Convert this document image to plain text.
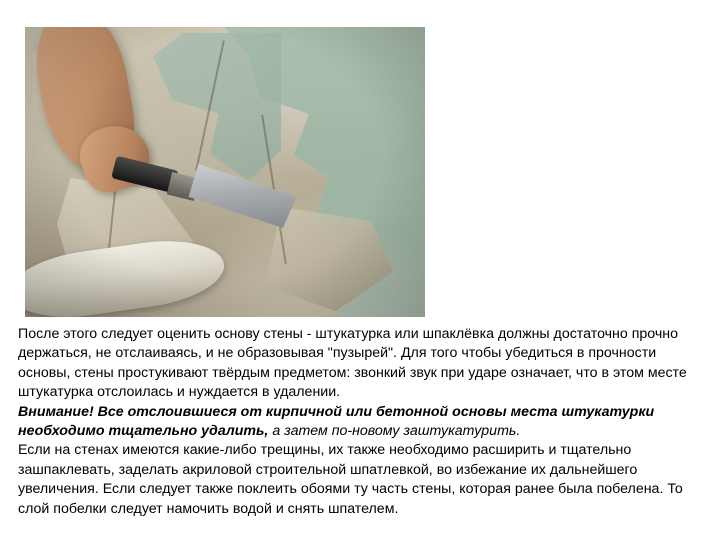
После этого следует оценить основу стены - штукатурка или шпаклёвка должны достаточно прочно держаться, не отслаиваясь, и не образовывая "пузырей". Для того чтобы убедиться в прочности основы, стены простукивают твёрдым предметом: звонкий звук при ударе означает, что в этом месте штукатурка отслоилась и нуждается в удалении.

Внимание! Все отслоившиеся от кирпичной или бетонной основы места штукатурки необходимо тщательно удалить, а затем по-новому заштукатурить.

Если на стенах имеются какие-либо трещины, их также необходимо расширить и тщательно зашпаклевать, заделать акриловой строительной шпатлевкой, во избежание их дальнейшего увеличения. Если следует также поклеить обоями ту часть стены, которая ранее была побелена. То слой побелки следует намочить водой и снять шпателем.
